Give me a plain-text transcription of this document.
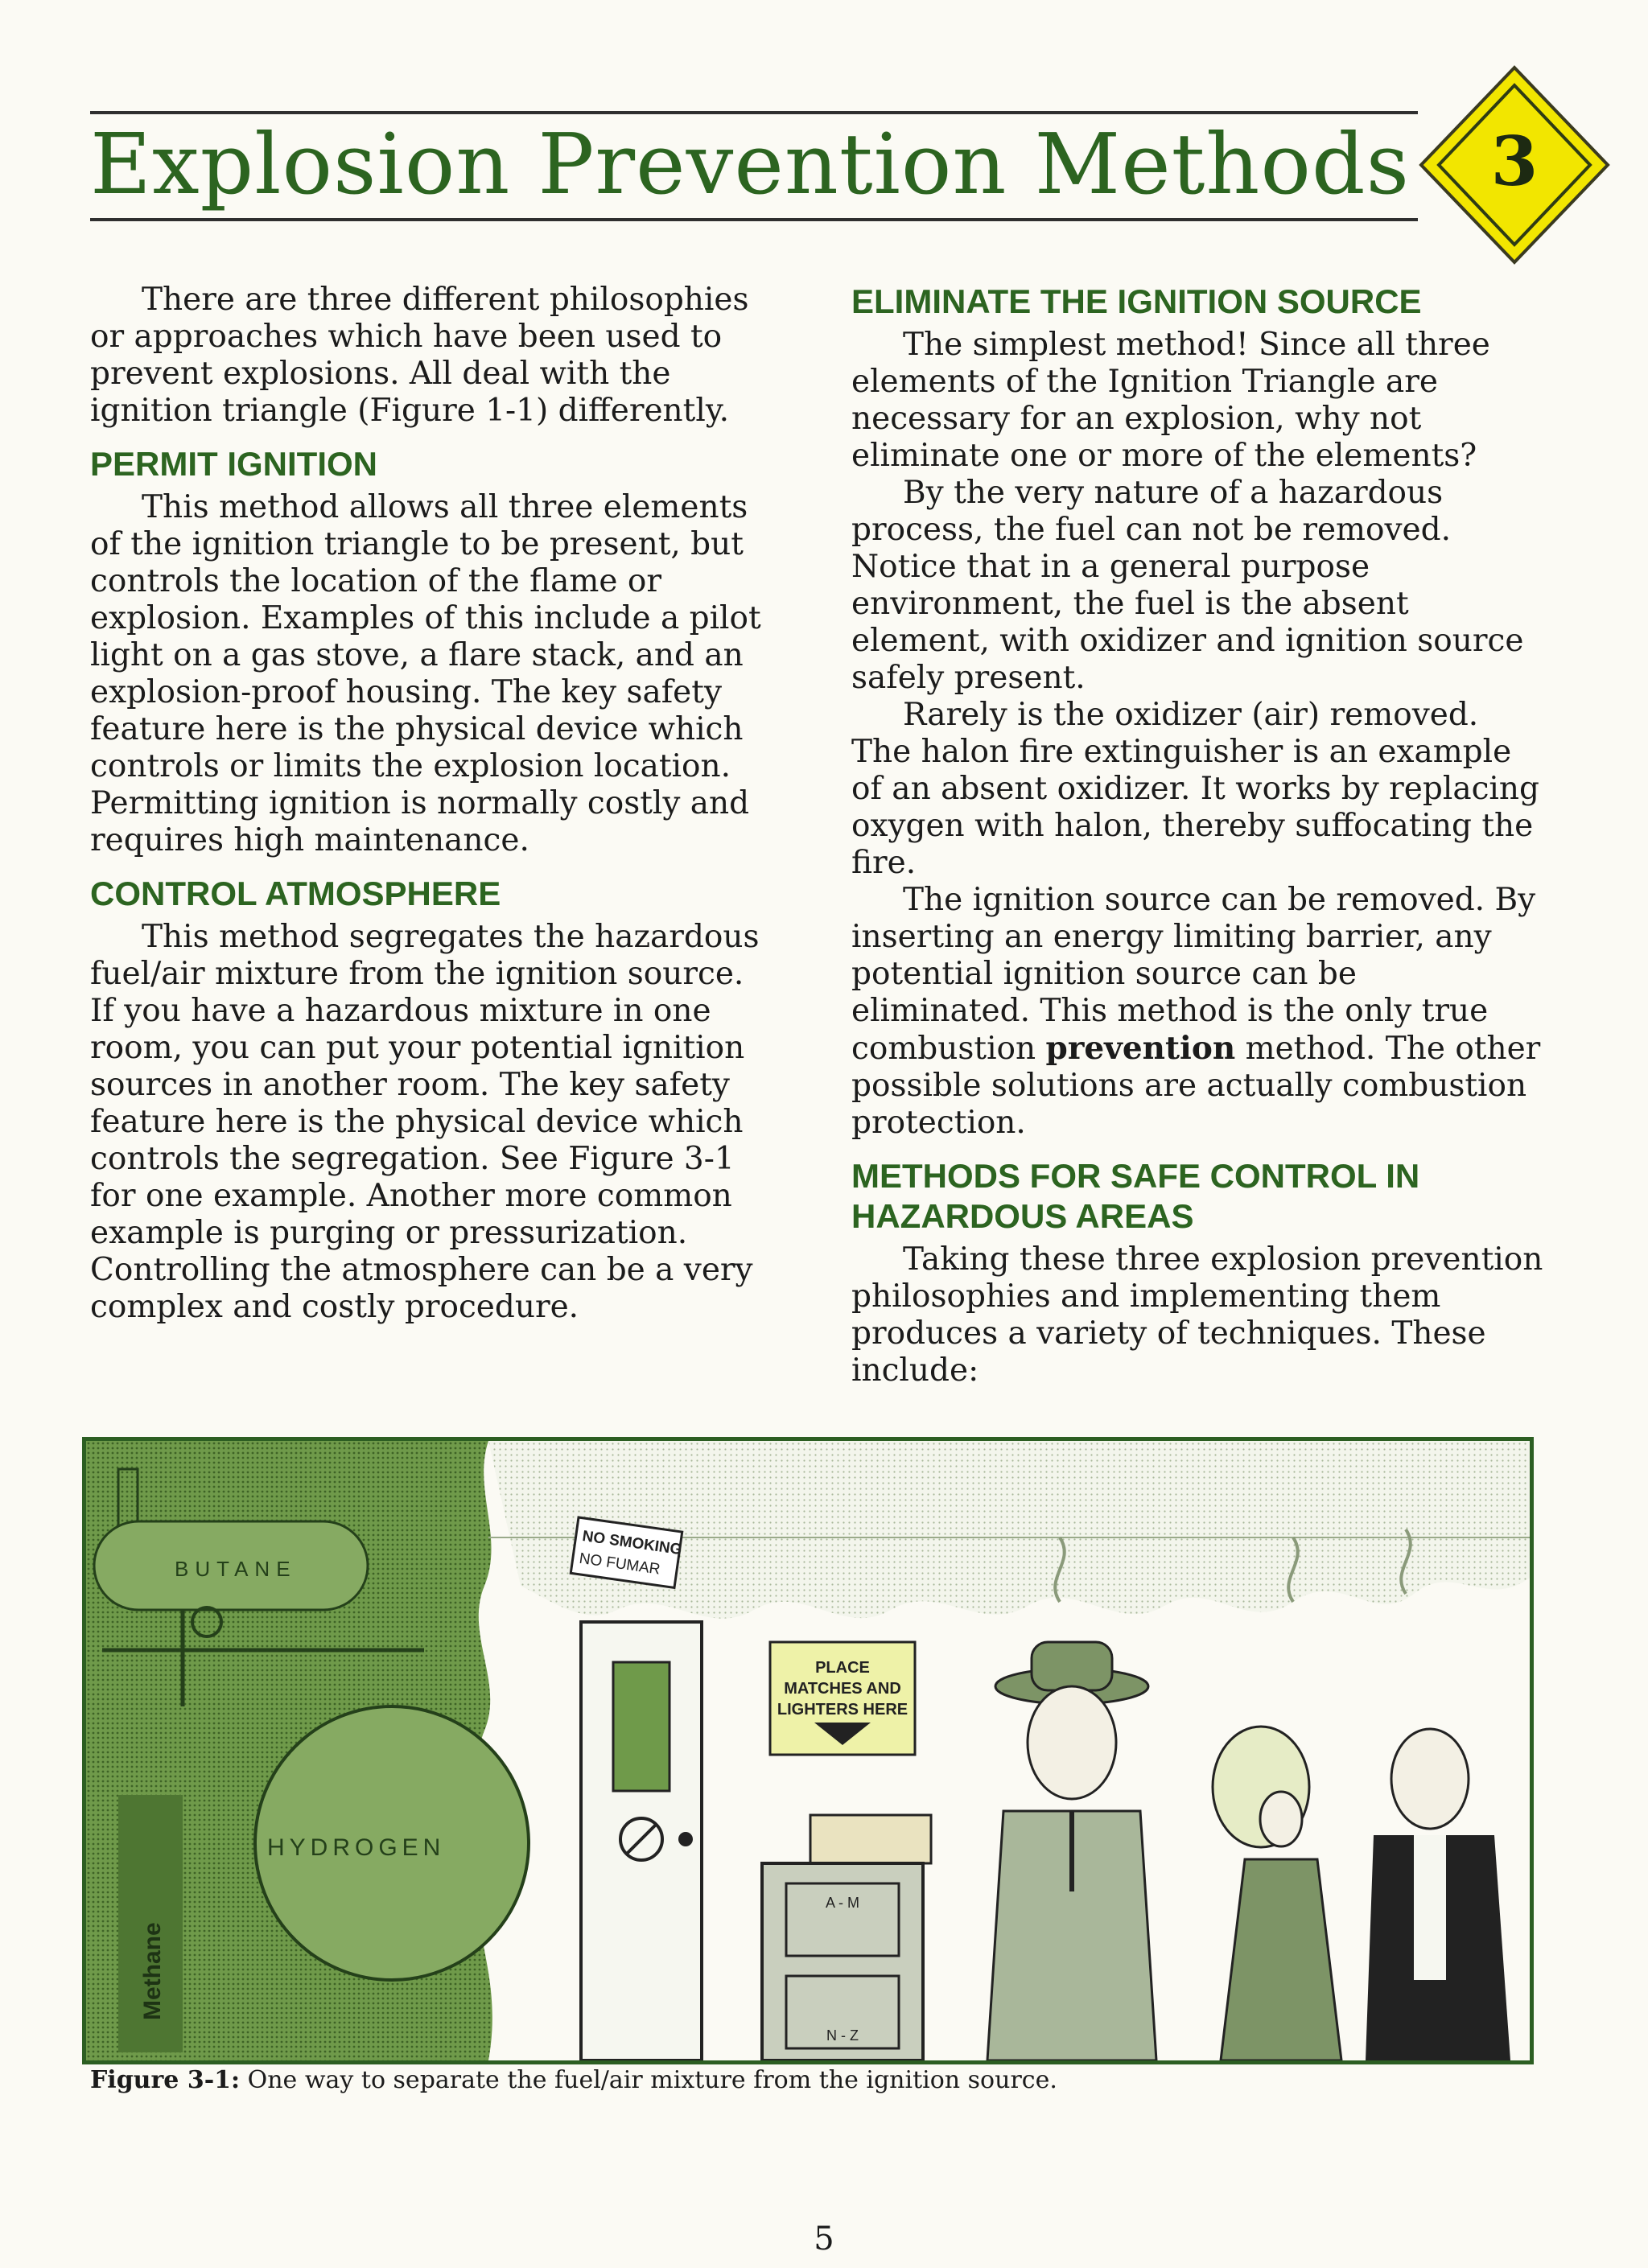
Explosion Prevention Methods 3

There are three different philosophies or approaches which have been used to prevent explosions. All deal with the ignition triangle (Figure 1-1) differently.

PERMIT IGNITION

This method allows all three elements of the ignition triangle to be present, but controls the location of the flame or explosion. Examples of this include a pilot light on a gas stove, a flare stack, and an explosion-proof housing. The key safety feature here is the physical device which controls or limits the explosion location. Permitting ignition is normally costly and requires high maintenance.

CONTROL ATMOSPHERE

This method segregates the hazardous fuel/air mixture from the ignition source. If you have a hazardous mixture in one room, you can put your potential ignition sources in another room. The key safety feature here is the physical device which controls the segregation. See Figure 3-1 for one example. Another more common example is purging or pressurization. Controlling the atmosphere can be a very complex and costly procedure.

ELIMINATE THE IGNITION SOURCE

The simplest method! Since all three elements of the Ignition Triangle are necessary for an explosion, why not eliminate one or more of the elements?

By the very nature of a hazardous process, the fuel can not be removed. Notice that in a general purpose environment, the fuel is the absent element, with oxidizer and ignition source safely present.

Rarely is the oxidizer (air) removed. The halon fire extinguisher is an example of an absent oxidizer. It works by replacing oxygen with halon, thereby suffocating the fire.

The ignition source can be removed. By inserting an energy limiting barrier, any potential ignition source can be eliminated. This method is the only true combustion prevention method. The other possible solutions are actually combustion protection.

METHODS FOR SAFE CONTROL IN HAZARDOUS AREAS

Taking these three explosion prevention philosophies and implementing them produces a variety of techniques. These include:

BUTANE
HYDROGEN
Methane
NO SMOKING
NO FUMAR
PLACE
MATCHES AND
LIGHTERS HERE
A - M
N - Z
Figure 3-1: One way to separate the fuel/air mixture from the ignition source.
5
